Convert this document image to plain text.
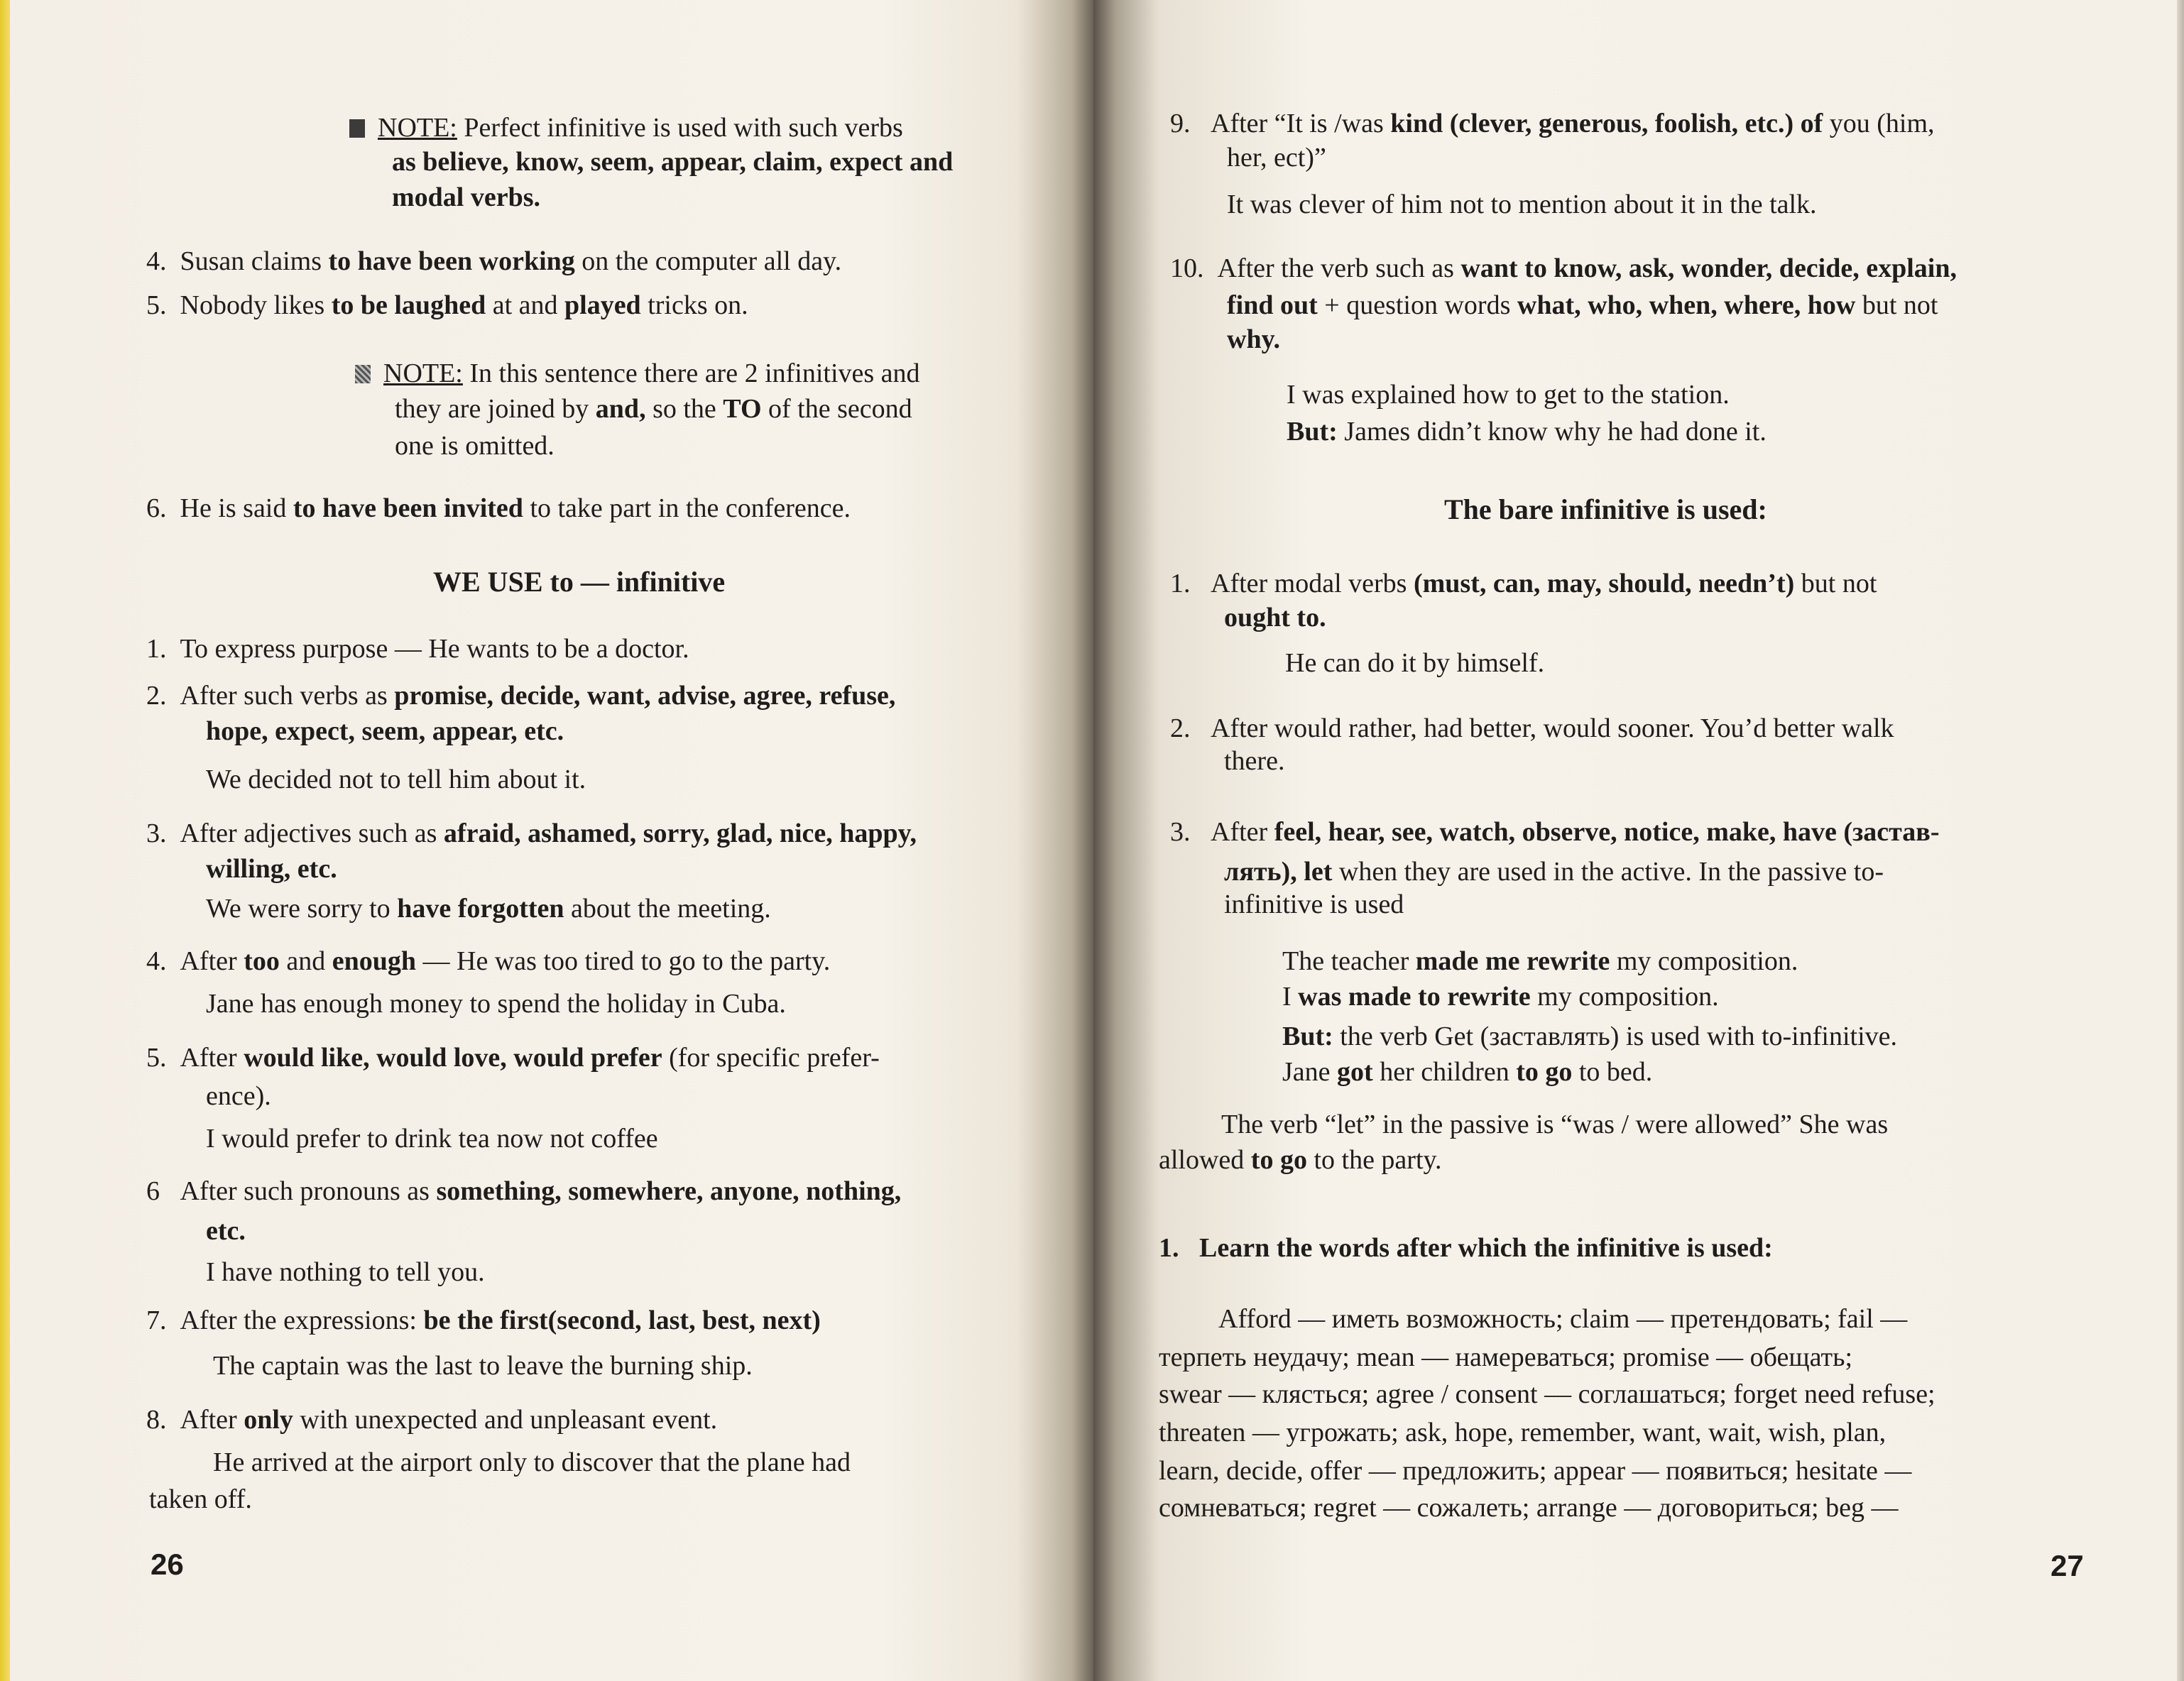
NOTE: Perfect infinitive is used with such verbs
as believe, know, seem, appear, claim, expect and
modal verbs.
4. Susan claims to have been working on the computer all day.
5. Nobody likes to be laughed at and played tricks on.
NOTE: In this sentence there are 2 infinitives and
they are joined by and, so the TO of the second
one is omitted.
6. He is said to have been invited to take part in the conference.
WE USE to — infinitive
1. To express purpose — He wants to be a doctor.
2. After such verbs as promise, decide, want, advise, agree, refuse,
hope, expect, seem, appear, etc.
We decided not to tell him about it.
3. After adjectives such as afraid, ashamed, sorry, glad, nice, happy,
willing, etc.
We were sorry to have forgotten about the meeting.
4. After too and enough — He was too tired to go to the party.
Jane has enough money to spend the holiday in Cuba.
5. After would like, would love, would prefer (for specific prefer-
ence).
I would prefer to drink tea now not coffee
6 After such pronouns as something, somewhere, anyone, nothing,
etc.
I have nothing to tell you.
7. After the expressions: be the first(second, last, best, next)
The captain was the last to leave the burning ship.
8. After only with unexpected and unpleasant event.
He arrived at the airport only to discover that the plane had
taken off.
26
9. After “It is /was kind (clever, generous, foolish, etc.) of you (him,
her, ect)”
It was clever of him not to mention about it in the talk.
10. After the verb such as want to know, ask, wonder, decide, explain,
find out + question words what, who, when, where, how but not
why.
I was explained how to get to the station.
But: James didn’t know why he had done it.
The bare infinitive is used:
1. After modal verbs (must, can, may, should, needn’t) but not
ought to.
He can do it by himself.
2. After would rather, had better, would sooner. You’d better walk
there.
3. After feel, hear, see, watch, observe, notice, make, have (застав-
лять), let when they are used in the active. In the passive to-
infinitive is used
The teacher made me rewrite my composition.
I was made to rewrite my composition.
But: the verb Get (заставлять) is used with to-infinitive.
Jane got her children to go to bed.
The verb “let” in the passive is “was / were allowed” She was
allowed to go to the party.
1. Learn the words after which the infinitive is used:
Afford — иметь возможность; claim — претендовать; fail —
терпеть неудачу; mean — намереваться; promise — обещать;
swear — клясться; agree / consent — соглашаться; forget need refuse;
threaten — угрожать; ask, hope, remember, want, wait, wish, plan,
learn, decide, offer — предложить; appear — появиться; hesitate —
сомневаться; regret — сожалеть; arrange — договориться; beg —
27
